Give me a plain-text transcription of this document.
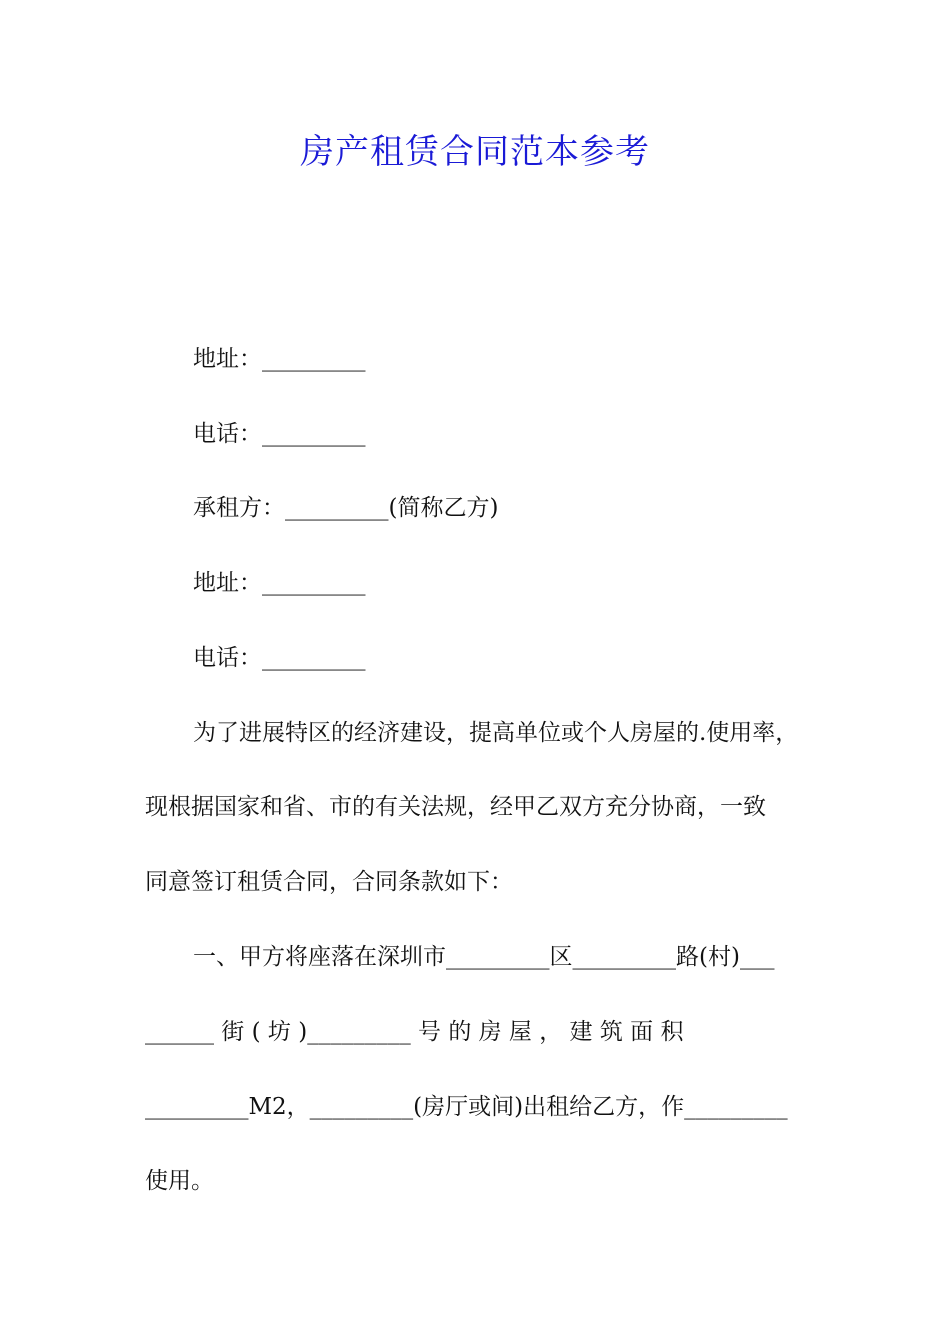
房产租赁合同范本参考
地址：_________
电话：_________
承租方：_________(简称乙方)
地址：_________
电话：_________
为了进展特区的经济建设，提高单位或个人房屋的.使用率，
现根据国家和省、市的有关法规，经甲乙双方充分协商，一致
同意签订租赁合同，合同条款如下：
一、甲方将座落在深圳市_________区_________路(村)___
______ 街 ( 坊 )_________ 号 的 房 屋 ， 建 筑 面 积
_________M2，_________(房厅或间)出租给乙方，作_________
使用。
